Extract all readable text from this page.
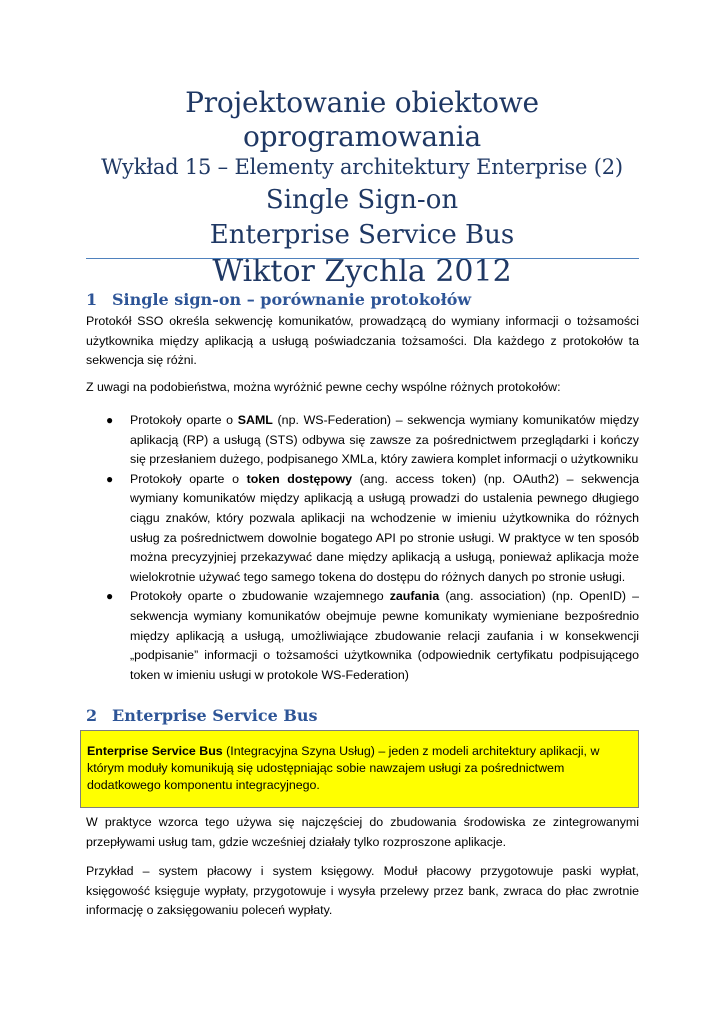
Projektowanie obiektowe oprogramowania
Wykład 15 – Elementy architektury Enterprise (2)
Single Sign-on
Enterprise Service Bus
Wiktor Zychla 2012
1 Single sign-on – porównanie protokołów
Protokół SSO określa sekwencję komunikatów, prowadzącą do wymiany informacji o tożsamości użytkownika między aplikacją a usługą poświadczania tożsamości. Dla każdego z protokołów ta sekwencja się różni.
Z uwagi na podobieństwa, można wyróżnić pewne cechy wspólne różnych protokołów:
● Protokoły oparte o SAML (np. WS-Federation) – sekwencja wymiany komunikatów między aplikacją (RP) a usługą (STS) odbywa się zawsze za pośrednictwem przeglądarki i kończy się przesłaniem dużego, podpisanego XMLa, który zawiera komplet informacji o użytkowniku
● Protokoły oparte o token dostępowy (ang. access token) (np. OAuth2) – sekwencja wymiany komunikatów między aplikacją a usługą prowadzi do ustalenia pewnego długiego ciągu znaków, który pozwala aplikacji na wchodzenie w imieniu użytkownika do różnych usług za pośrednictwem dowolnie bogatego API po stronie usługi. W praktyce w ten sposób można precyzyjniej przekazywać dane między aplikacją a usługą, ponieważ aplikacja może wielokrotnie używać tego samego tokena do dostępu do różnych danych po stronie usługi.
● Protokoły oparte o zbudowanie wzajemnego zaufania (ang. association) (np. OpenID) – sekwencja wymiany komunikatów obejmuje pewne komunikaty wymieniane bezpośrednio między aplikacją a usługą, umożliwiające zbudowanie relacji zaufania i w konsekwencji „podpisanie” informacji o tożsamości użytkownika (odpowiednik certyfikatu podpisującego token w imieniu usługi w protokole WS-Federation)
2 Enterprise Service Bus
Enterprise Service Bus (Integracyjna Szyna Usług) – jeden z modeli architektury aplikacji, w którym moduły komunikują się udostępniając sobie nawzajem usługi za pośrednictwem dodatkowego komponentu integracyjnego.
W praktyce wzorca tego używa się najczęściej do zbudowania środowiska ze zintegrowanymi przepływami usług tam, gdzie wcześniej działały tylko rozproszone aplikacje.
Przykład – system płacowy i system księgowy. Moduł płacowy przygotowuje paski wypłat, księgowość księguje wypłaty, przygotowuje i wysyła przelewy przez bank, zwraca do płac zwrotnie informację o zaksięgowaniu poleceń wypłaty.
